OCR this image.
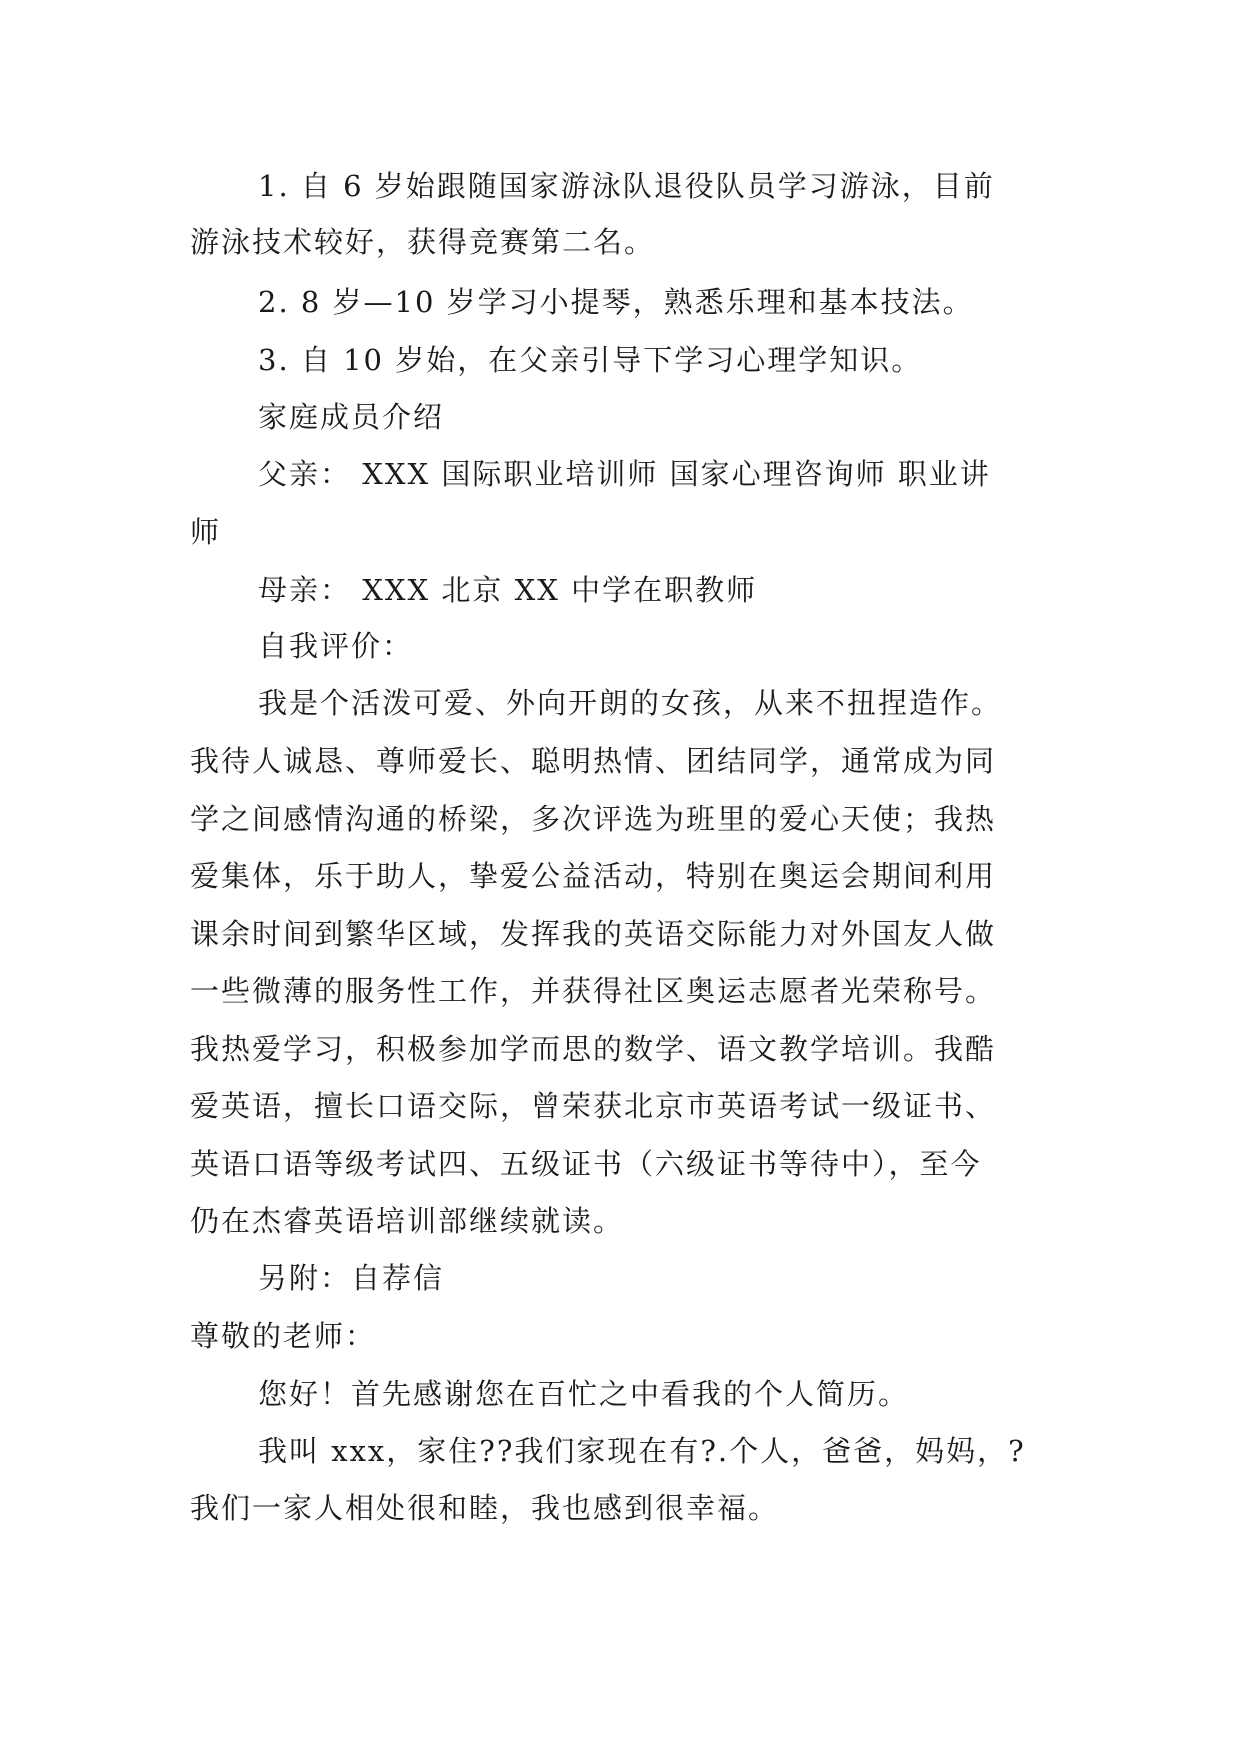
1. 自 6 岁始跟随国家游泳队退役队员学习游泳，目前
游泳技术较好，获得竞赛第二名。
2. 8 岁—10 岁学习小提琴，熟悉乐理和基本技法。
3. 自 10 岁始，在父亲引导下学习心理学知识。
家庭成员介绍
父亲： XXX 国际职业培训师 国家心理咨询师 职业讲
师
母亲： XXX 北京 XX 中学在职教师
自我评价：
我是个活泼可爱、外向开朗的女孩，从来不扭捏造作。
我待人诚恳、尊师爱长、聪明热情、团结同学，通常成为同
学之间感情沟通的桥梁，多次评选为班里的爱心天使；我热
爱集体，乐于助人，挚爱公益活动，特别在奥运会期间利用
课余时间到繁华区域，发挥我的英语交际能力对外国友人做
一些微薄的服务性工作，并获得社区奥运志愿者光荣称号。
我热爱学习，积极参加学而思的数学、语文教学培训。我酷
爱英语，擅长口语交际，曾荣获北京市英语考试一级证书、
英语口语等级考试四、五级证书（六级证书等待中），至今
仍在杰睿英语培训部继续就读。
另附：自荐信
尊敬的老师：
您好！首先感谢您在百忙之中看我的个人简历。
我叫 xxx，家住??我们家现在有?.个人，爸爸，妈妈，?
我们一家人相处很和睦，我也感到很幸福。
